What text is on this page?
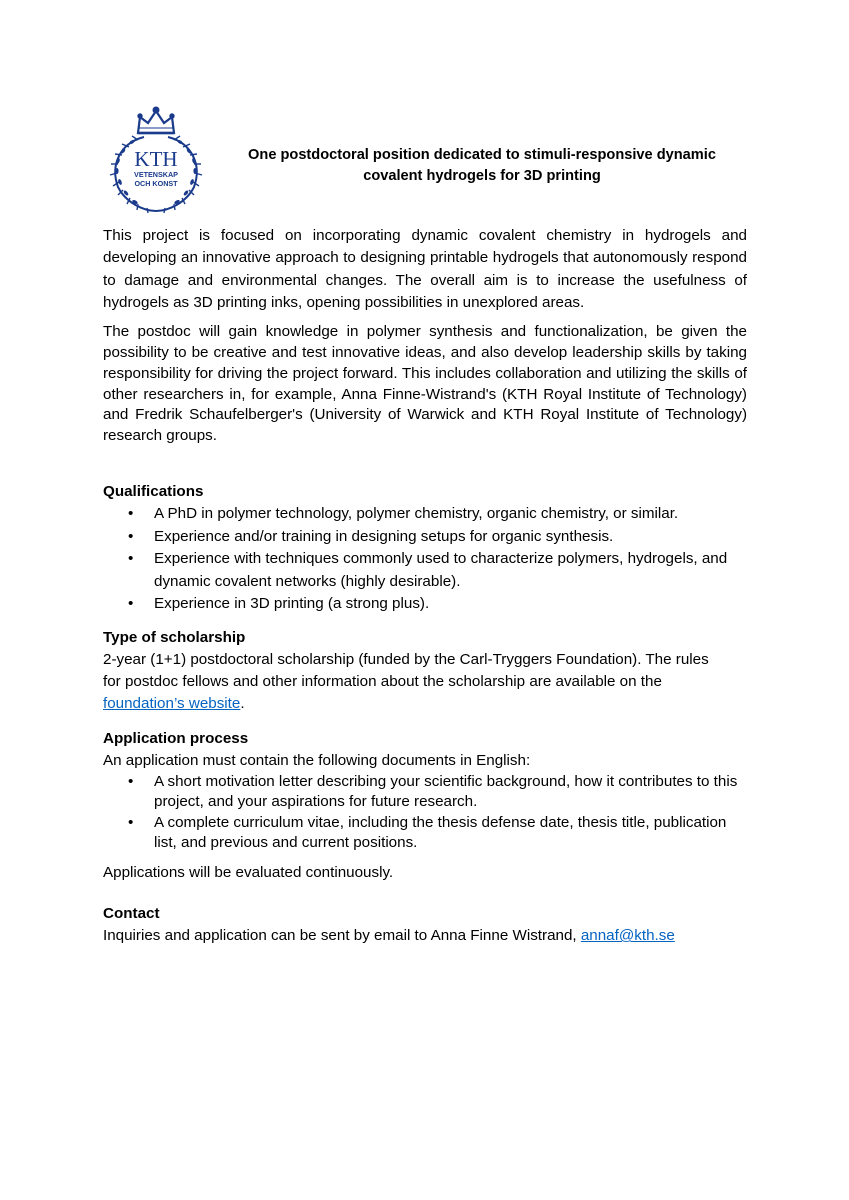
KTH
VETENSKAP
OCH KONST
One postdoctoral position dedicated to stimuli-responsive dynamic
covalent hydrogels for 3D printing

This project is focused on incorporating dynamic covalent chemistry in hydrogels and developing an innovative approach to designing printable hydrogels that autonomously respond to damage and environmental changes. The overall aim is to increase the usefulness of hydrogels as 3D printing inks, opening possibilities in unexplored areas.

The postdoc will gain knowledge in polymer synthesis and functionalization, be given the possibility to be creative and test innovative ideas, and also develop leadership skills by taking responsibility for driving the project forward. This includes collaboration and utilizing the skills of other researchers in, for example, Anna Finne-Wistrand's (KTH Royal Institute of Technology) and Fredrik Schaufelberger's (University of Warwick and KTH Royal Institute of Technology) research groups.

Qualifications

• A PhD in polymer technology, polymer chemistry, organic chemistry, or similar.
• Experience and/or training in designing setups for organic synthesis.
• Experience with techniques commonly used to characterize polymers, hydrogels, and dynamic covalent networks (highly desirable).
• Experience in 3D printing (a strong plus).

Type of scholarship

2-year (1+1) postdoctoral scholarship (funded by the Carl-Tryggers Foundation). The rules
for postdoc fellows and other information about the scholarship are available on the
foundation’s website.

Application process

An application must contain the following documents in English:

• A short motivation letter describing your scientific background, how it contributes to this project, and your aspirations for future research.
• A complete curriculum vitae, including the thesis defense date, thesis title, publication list, and previous and current positions.

Applications will be evaluated continuously.

Contact

Inquiries and application can be sent by email to Anna Finne Wistrand, annaf@kth.se
